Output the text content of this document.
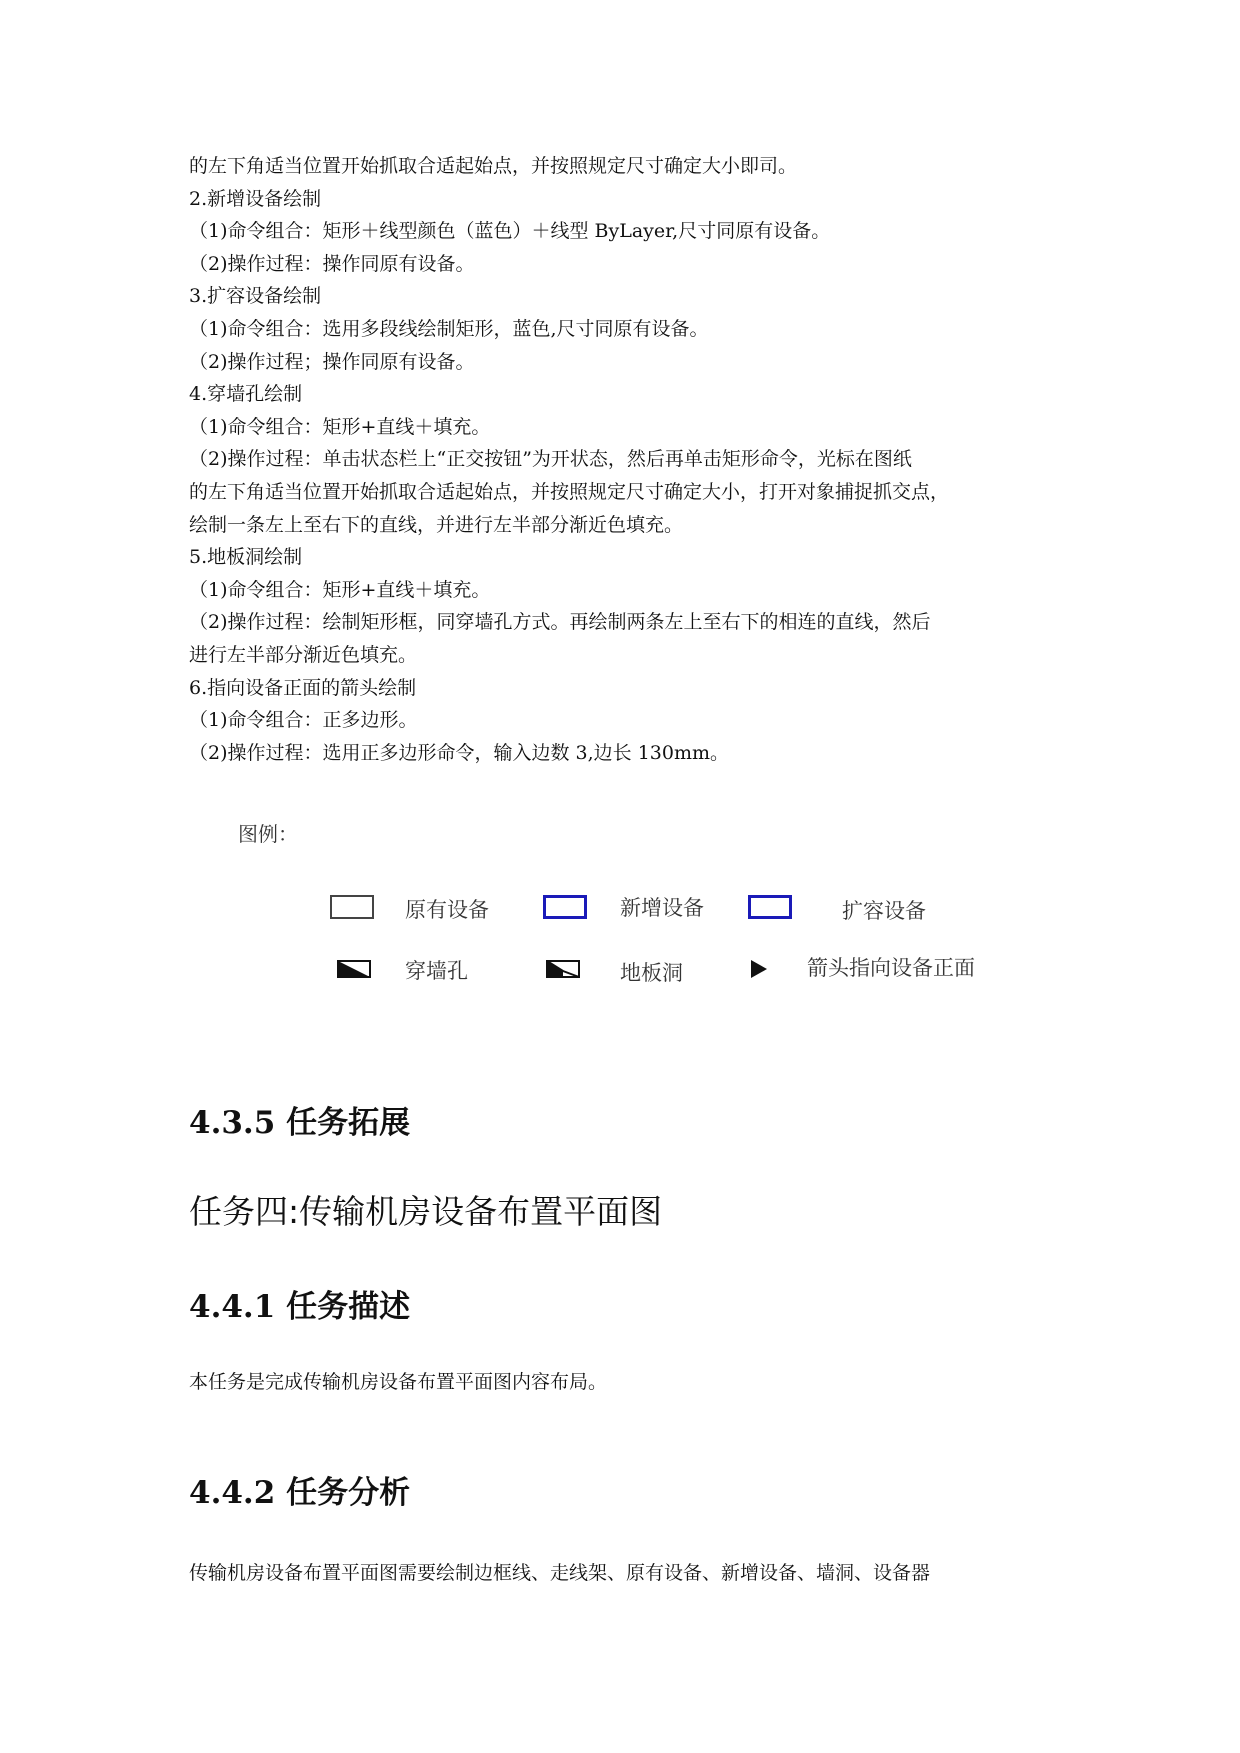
的左下角适当位置开始抓取合适起始点，并按照规定尺寸确定大小即司。

2.新增设备绘制

（1)命令组合：矩形＋线型颜色（蓝色）＋线型 ByLayer,尺寸同原有设备。

（2)操作过程：操作同原有设备。

3.扩容设备绘制

（1)命令组合：选用多段线绘制矩形，蓝色,尺寸同原有设备。

（2)操作过程；操作同原有设备。

4.穿墙孔绘制

（1)命令组合：矩形+直线＋填充。

（2)操作过程：单击状态栏上“正交按钮”为开状态，然后再单击矩形命令，光标在图纸

的左下角适当位置开始抓取合适起始点，并按照规定尺寸确定大小，打开对象捕捉抓交点，

绘制一条左上至右下的直线，并进行左半部分渐近色填充。

5.地板洞绘制

（1)命令组合：矩形+直线＋填充。

（2)操作过程：绘制矩形框，同穿墙孔方式。再绘制两条左上至右下的相连的直线，然后

进行左半部分渐近色填充。

6.指向设备正面的箭头绘制

（1)命令组合：正多边形。

（2)操作过程：选用正多边形命令，输入边数 3,边长 130mm。

图例：
原有设备	新增设备	扩容设备
穿墙孔	地板洞	箭头指向设备正面
4.3.5 任务拓展
任务四:传输机房设备布置平面图
4.4.1 任务描述
本任务是完成传输机房设备布置平面图内容布局。
4.4.2 任务分析
传输机房设备布置平面图需要绘制边框线、走线架、原有设备、新增设备、墙洞、设备器
